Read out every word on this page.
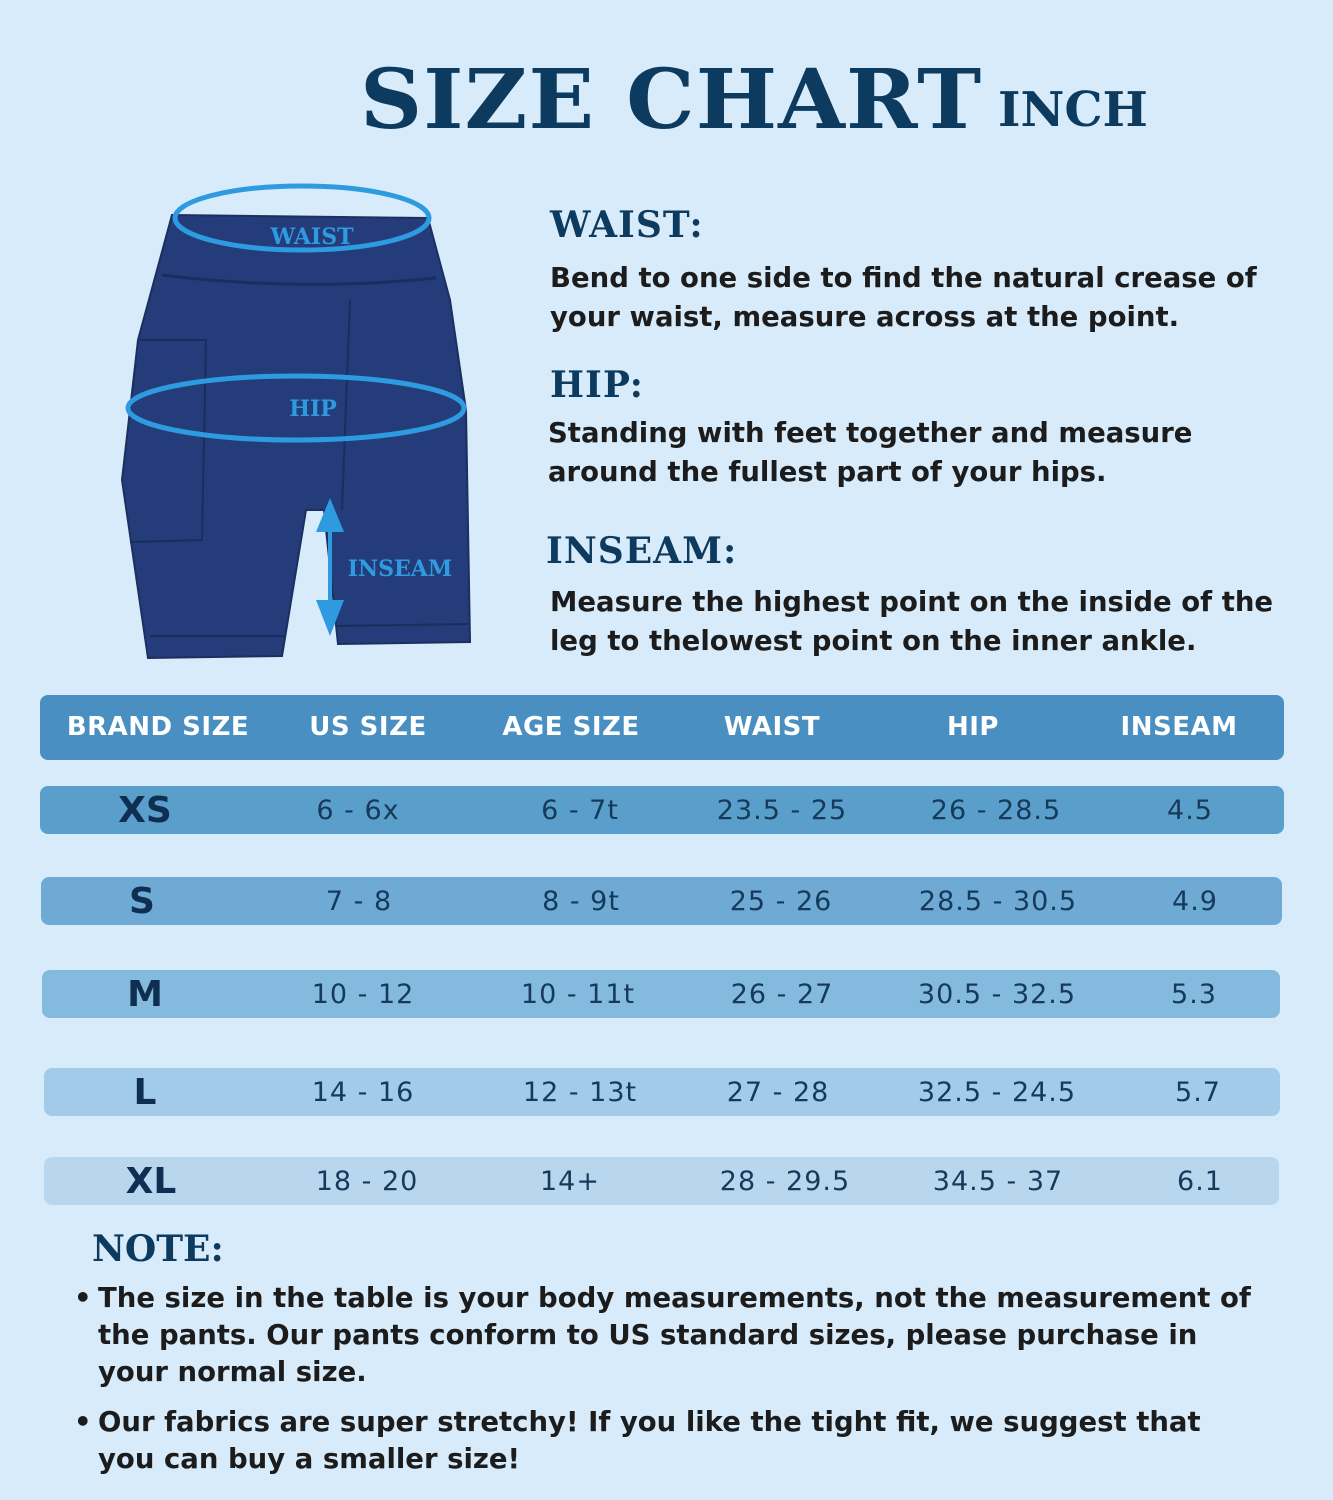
SIZE CHART INCH
WAIST
HIP
INSEAM
WAIST:
Bend to one side to find the natural crease of your waist, measure across at the point.
HIP:
Standing with feet together and measure around the fullest part of your hips.
INSEAM:
Measure the highest point on the inside of the leg to thelowest point on the inner ankle.
BRAND SIZE	US SIZE	AGE SIZE	WAIST	HIP	INSEAM
XS	6 - 6x	6 - 7t	23.5 - 25	26 - 28.5	4.5
S	7 - 8	8 - 9t	25 - 26	28.5 - 30.5	4.9
M	10 - 12	10 - 11t	26 - 27	30.5 - 32.5	5.3
L	14 - 16	12 - 13t	27 - 28	32.5 - 24.5	5.7
XL	18 - 20	14+	28 - 29.5	34.5 - 37	6.1
NOTE:
• The size in the table is your body measurements, not the measurement of the pants. Our pants conform to US standard sizes, please purchase in your normal size.
• Our fabrics are super stretchy! If you like the tight fit, we suggest that you can buy a smaller size!
